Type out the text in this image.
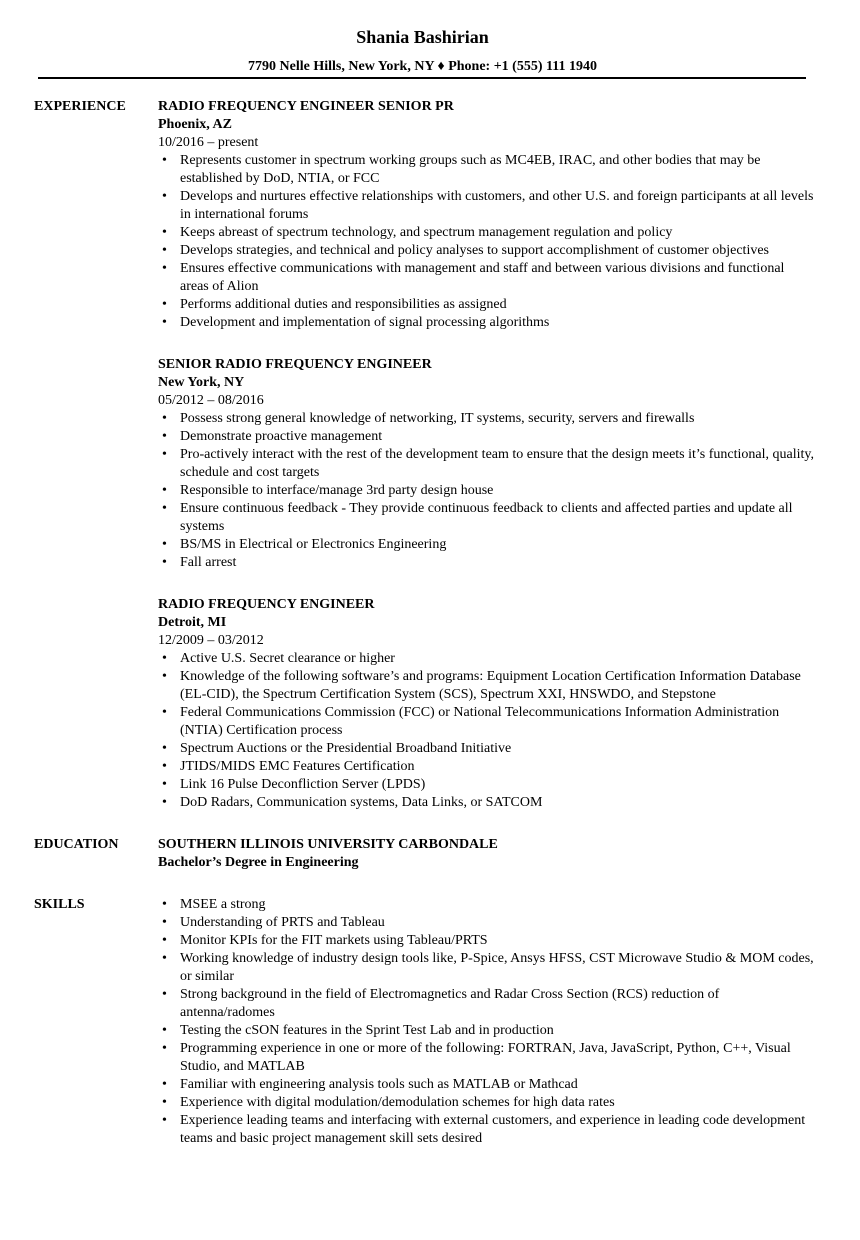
Shania Bashirian
7790 Nelle Hills, New York, NY ♦ Phone: +1 (555) 111 1940
EXPERIENCE	RADIO FREQUENCY ENGINEER SENIOR PR
Phoenix, AZ
10/2016 – present
• Represents customer in spectrum working groups such as MC4EB, IRAC, and other bodies that may be established by DoD, NTIA, or FCC
• Develops and nurtures effective relationships with customers, and other U.S. and foreign participants at all levels in international forums
• Keeps abreast of spectrum technology, and spectrum management regulation and policy
• Develops strategies, and technical and policy analyses to support accomplishment of customer objectives
• Ensures effective communications with management and staff and between various divisions and functional areas of Alion
• Performs additional duties and responsibilities as assigned
• Development and implementation of signal processing algorithms
SENIOR RADIO FREQUENCY ENGINEER
New York, NY
05/2012 – 08/2016
• Possess strong general knowledge of networking, IT systems, security, servers and firewalls
• Demonstrate proactive management
• Pro-actively interact with the rest of the development team to ensure that the design meets it’s functional, quality, schedule and cost targets
• Responsible to interface/manage 3rd party design house
• Ensure continuous feedback - They provide continuous feedback to clients and affected parties and update all systems
• BS/MS in Electrical or Electronics Engineering
• Fall arrest
RADIO FREQUENCY ENGINEER
Detroit, MI
12/2009 – 03/2012
• Active U.S. Secret clearance or higher
• Knowledge of the following software’s and programs: Equipment Location Certification Information Database (EL-CID), the Spectrum Certification System (SCS), Spectrum XXI, HNSWDO, and Stepstone
• Federal Communications Commission (FCC) or National Telecommunications Information Administration (NTIA) Certification process
• Spectrum Auctions or the Presidential Broadband Initiative
• JTIDS/MIDS EMC Features Certification
• Link 16 Pulse Deconfliction Server (LPDS)
• DoD Radars, Communication systems, Data Links, or SATCOM
EDUCATION	SOUTHERN ILLINOIS UNIVERSITY CARBONDALE
Bachelor’s Degree in Engineering
SKILLS
•	MSEE a strong
• Understanding of PRTS and Tableau
• Monitor KPIs for the FIT markets using Tableau/PRTS
• Working knowledge of industry design tools like, P-Spice, Ansys HFSS, CST Microwave Studio & MOM codes, or similar
• Strong background in the field of Electromagnetics and Radar Cross Section (RCS) reduction of antenna/radomes
• Testing the cSON features in the Sprint Test Lab and in production
• Programming experience in one or more of the following: FORTRAN, Java, JavaScript, Python, C++, Visual Studio, and MATLAB
• Familiar with engineering analysis tools such as MATLAB or Mathcad
• Experience with digital modulation/demodulation schemes for high data rates
• Experience leading teams and interfacing with external customers, and experience in leading code development teams and basic project management skill sets desired
